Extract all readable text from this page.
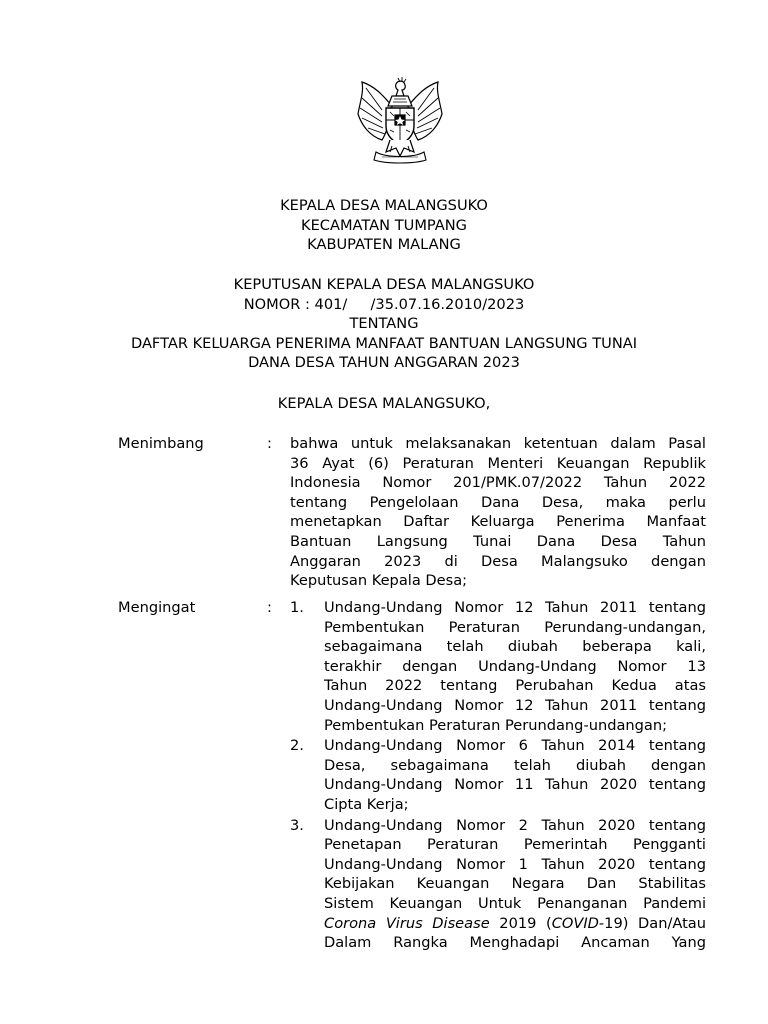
KEPALA DESA MALANGSUKO
KECAMATAN TUMPANG
KABUPATEN MALANG
KEPUTUSAN KEPALA DESA MALANGSUKO
NOMOR : 401/     /35.07.16.2010/2023
TENTANG
DAFTAR KELUARGA PENERIMA MANFAAT BANTUAN LANGSUNG TUNAI
DANA DESA TAHUN ANGGARAN 2023
KEPALA DESA MALANGSUKO,
Menimbang	: bahwa untuk melaksanakan ketentuan dalam Pasal
36 Ayat (6) Peraturan Menteri Keuangan Republik
Indonesia Nomor 201/PMK.07/2022 Tahun 2022
tentang Pengelolaan Dana Desa, maka perlu
menetapkan Daftar Keluarga Penerima Manfaat
Bantuan Langsung Tunai Dana Desa Tahun
Anggaran 2023 di Desa Malangsuko dengan
Keputusan Kepala Desa;
Mengingat	: 1. Undang-Undang Nomor 12 Tahun 2011 tentang
Pembentukan Peraturan Perundang-undangan,
sebagaimana telah diubah beberapa kali,
terakhir dengan Undang-Undang Nomor 13
Tahun 2022 tentang Perubahan Kedua atas
Undang-Undang Nomor 12 Tahun 2011 tentang
Pembentukan Peraturan Perundang-undangan;
2. Undang-Undang Nomor 6 Tahun 2014 tentang
Desa, sebagaimana telah diubah dengan
Undang-Undang Nomor 11 Tahun 2020 tentang
Cipta Kerja;
3. Undang-Undang Nomor 2 Tahun 2020 tentang
Penetapan Peraturan Pemerintah Pengganti
Undang-Undang Nomor 1 Tahun 2020 tentang
Kebijakan Keuangan Negara Dan Stabilitas
Sistem Keuangan Untuk Penanganan Pandemi
Corona Virus Disease 2019 (COVID-19) Dan/Atau
Dalam Rangka Menghadapi Ancaman Yang
